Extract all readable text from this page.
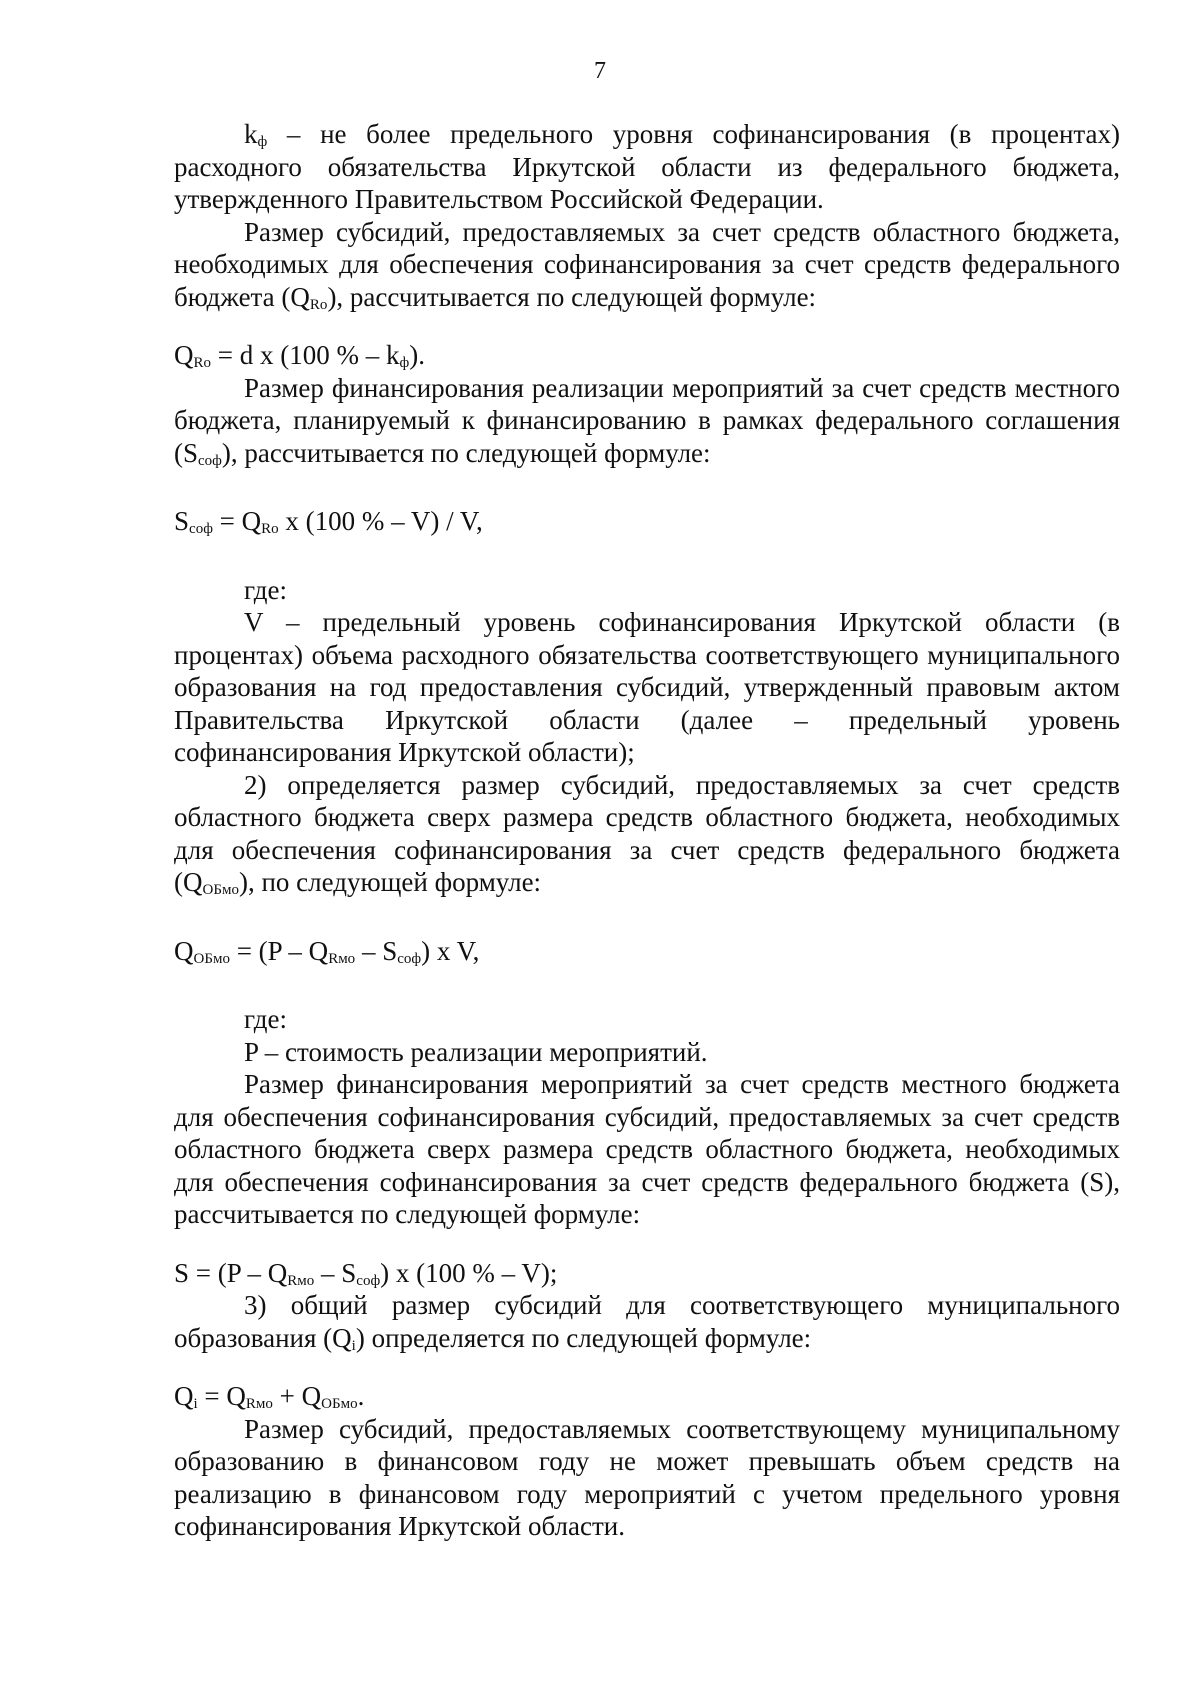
7

$k_ф$ – не более предельного уровня софинансирования (в процентах) расходного обязательства Иркутской области из федерального бюджета, утвержденного Правительством Российской Федерации.

Размер субсидий, предоставляемых за счет средств областного бюджета, необходимых для обеспечения софинансирования за счет средств федерального бюджета $(Q_{Ro})$, рассчитывается по следующей формуле:

$Q_{Ro} = d$ x (100 % – $k_ф$).

Размер финансирования реализации мероприятий за счет средств местного бюджета, планируемый к финансированию в рамках федерального соглашения $(S_{соф})$, рассчитывается по следующей формуле:

$S_{соф} = Q_{Ro}$ x (100 % – V) / V,

где:

V – предельный уровень софинансирования Иркутской области (в процентах) объема расходного обязательства соответствующего муниципального образования на год предоставления субсидий, утвержденный правовым актом Правительства Иркутской области (далее – предельный уровень софинансирования Иркутской области);

2) определяется размер субсидий, предоставляемых за счет средств областного бюджета сверх размера средств областного бюджета, необходимых для обеспечения софинансирования за счет средств федерального бюджета $(Q_{ОБмо})$, по следующей формуле:

$Q_{ОБмо} = (P - Q_{Rмо} - S_{соф})$ x V,

где:

P – стоимость реализации мероприятий.

Размер финансирования мероприятий за счет средств местного бюджета для обеспечения софинансирования субсидий, предоставляемых за счет средств областного бюджета сверх размера средств областного бюджета, необходимых для обеспечения софинансирования за счет средств федерального бюджета (S), рассчитывается по следующей формуле:

$S = (P - Q_{Rмо} - S_{соф})$ x (100 % – V);

3) общий размер субсидий для соответствующего муниципального образования $(Q_i)$ определяется по следующей формуле:

$Q_i = Q_{Rмо} + Q_{ОБмо}$.

Размер субсидий, предоставляемых соответствующему муниципальному образованию в финансовом году не может превышать объем средств на реализацию в финансовом году мероприятий с учетом предельного уровня софинансирования Иркутской области.
